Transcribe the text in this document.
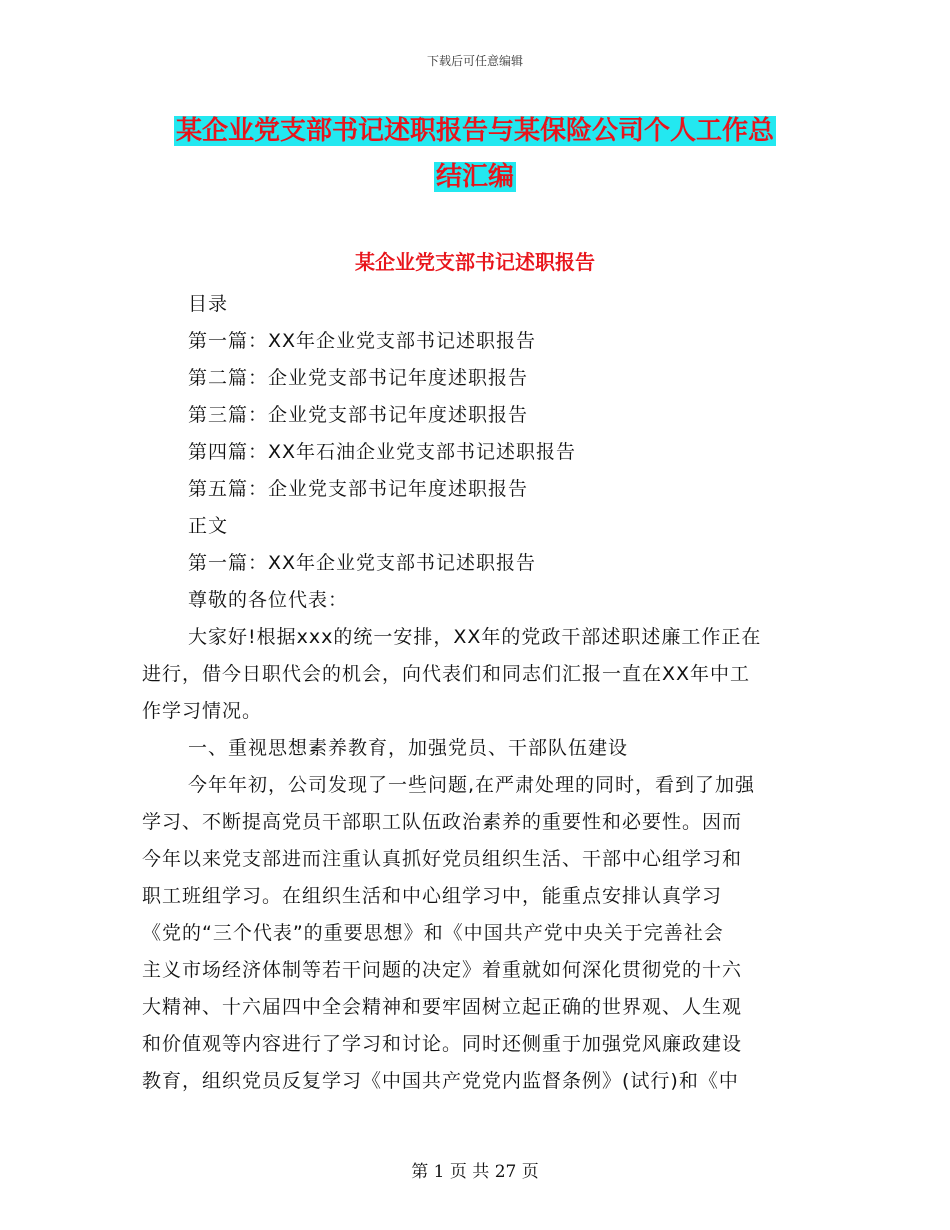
下载后可任意编辑
某企业党支部书记述职报告与某保险公司个人工作总
结汇编
某企业党支部书记述职报告
目录
第一篇：XX年企业党支部书记述职报告
第二篇：企业党支部书记年度述职报告
第三篇：企业党支部书记年度述职报告
第四篇：XX年石油企业党支部书记述职报告
第五篇：企业党支部书记年度述职报告
正文
第一篇：XX年企业党支部书记述职报告
尊敬的各位代表：
大家好!根据xxx的统一安排，XX年的党政干部述职述廉工作正在
进行，借今日职代会的机会，向代表们和同志们汇报一直在XX年中工
作学习情况。
一、重视思想素养教育，加强党员、干部队伍建设
今年年初，公司发现了一些问题,在严肃处理的同时，看到了加强
学习、不断提高党员干部职工队伍政治素养的重要性和必要性。因而
今年以来党支部进而注重认真抓好党员组织生活、干部中心组学习和
职工班组学习。在组织生活和中心组学习中，能重点安排认真学习
《党的“三个代表”的重要思想》和《中国共产党中央关于完善社会
主义市场经济体制等若干问题的决定》着重就如何深化贯彻党的十六
大精神、十六届四中全会精神和要牢固树立起正确的世界观、人生观
和价值观等内容进行了学习和讨论。同时还侧重于加强党风廉政建设
教育，组织党员反复学习《中国共产党党内监督条例》(试行)和《中
第 1 页 共 27 页
